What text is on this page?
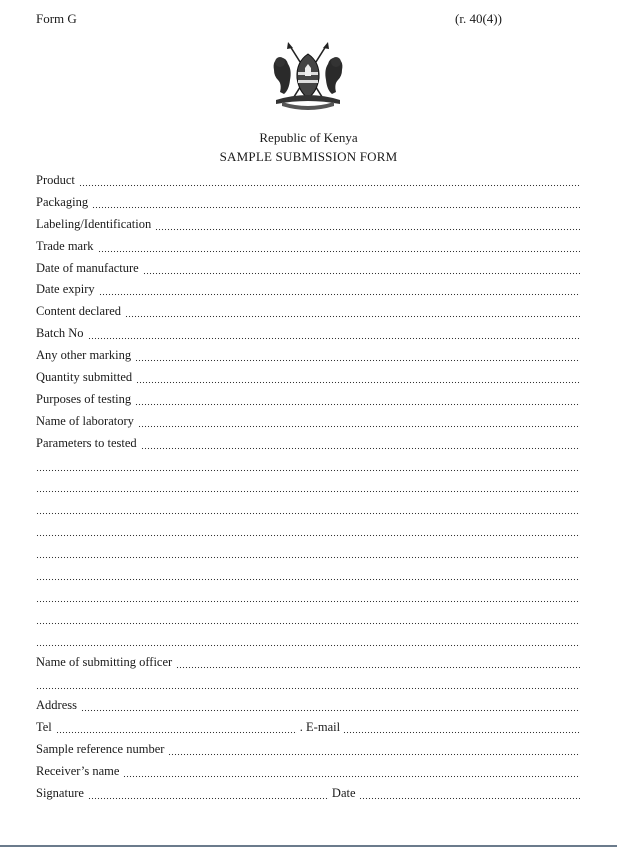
Form G	(r. 40(4))
Republic of Kenya
SAMPLE SUBMISSION FORM
Product
Packaging
Labeling/Identification
Trade mark
Date of manufacture
Date expiry
Content declared
Batch No
Any other marking
Quantity submitted
Purposes of testing
Name of laboratory
Parameters to tested
Name of submitting officer
Address
Tel	. E-mail
Sample reference number
Receiver’s name
Signature	Date
